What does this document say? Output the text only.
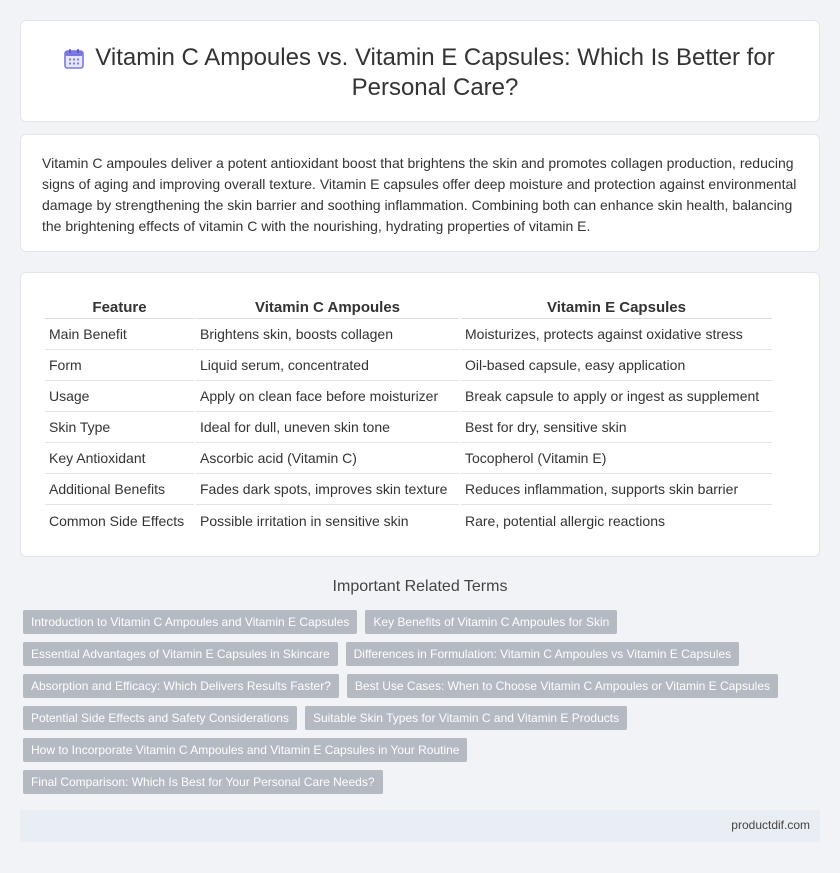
Vitamin C Ampoules vs. Vitamin E Capsules: Which Is Better for Personal Care?

Vitamin C ampoules deliver a potent antioxidant boost that brightens the skin and promotes collagen production, reducing signs of aging and improving overall texture. Vitamin E capsules offer deep moisture and protection against environmental damage by strengthening the skin barrier and soothing inflammation. Combining both can enhance skin health, balancing the brightening effects of vitamin C with the nourishing, hydrating properties of vitamin E.

Feature	Vitamin C Ampoules	Vitamin E Capsules
Main Benefit	Brightens skin, boosts collagen	Moisturizes, protects against oxidative stress
Form	Liquid serum, concentrated	Oil-based capsule, easy application
Usage	Apply on clean face before moisturizer	Break capsule to apply or ingest as supplement
Skin Type	Ideal for dull, uneven skin tone	Best for dry, sensitive skin
Key Antioxidant	Ascorbic acid (Vitamin C)	Tocopherol (Vitamin E)
Additional Benefits	Fades dark spots, improves skin texture	Reduces inflammation, supports skin barrier
Common Side Effects	Possible irritation in sensitive skin	Rare, potential allergic reactions
Important Related Terms
Introduction to Vitamin C Ampoules and Vitamin E Capsules	Key Benefits of Vitamin C Ampoules for Skin
Essential Advantages of Vitamin E Capsules in Skincare	Differences in Formulation: Vitamin C Ampoules vs Vitamin E Capsules
Absorption and Efficacy: Which Delivers Results Faster?	Best Use Cases: When to Choose Vitamin C Ampoules or Vitamin E Capsules
Potential Side Effects and Safety Considerations	Suitable Skin Types for Vitamin C and Vitamin E Products
How to Incorporate Vitamin C Ampoules and Vitamin E Capsules in Your Routine
Final Comparison: Which Is Best for Your Personal Care Needs?
productdif.com
